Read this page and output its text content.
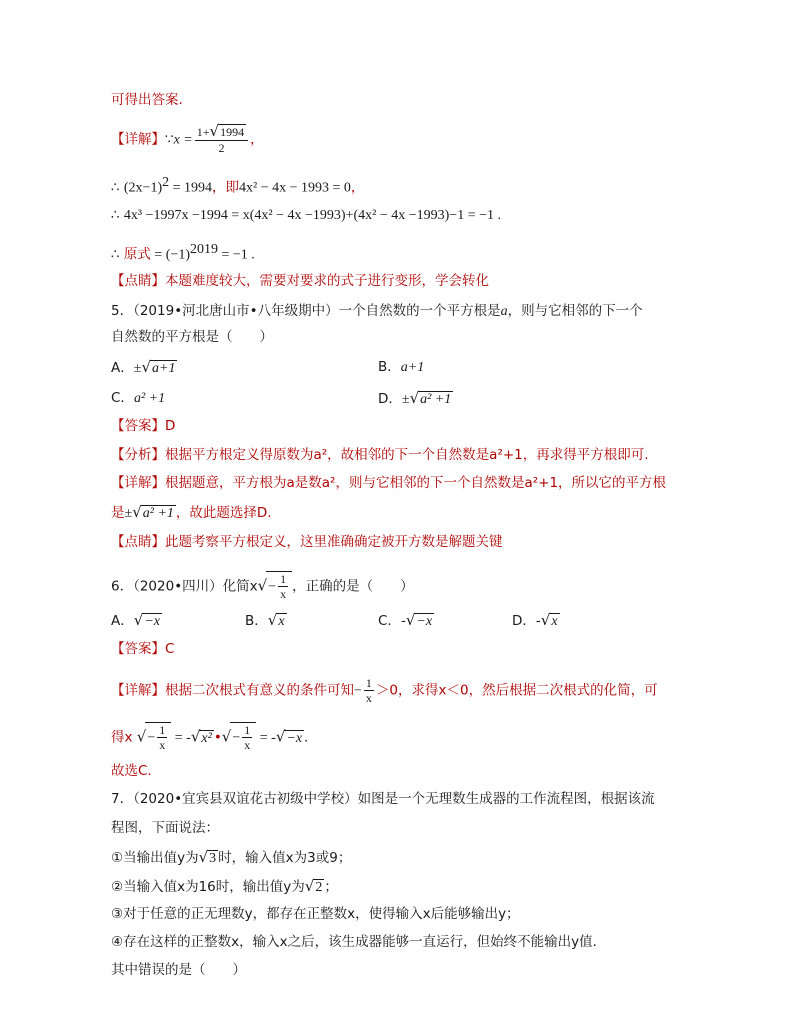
可得出答案.
【详解】∵x = $\frac{1+√1994}{2}$ ，
∴ $(2x-1)^2 = 1994$，即4x² − 4x − 1993 = 0，
∴ 4x³ −1997x −1994 = x(4x² − 4x −1993)+(4x² − 4x −1993)−1 = −1 .
∴ 原式 = $(-1)^{2019} = -1$ .
【点睛】本题难度较大，需要对要求的式子进行变形，学会转化
5．（2019•河北唐山市•八年级期中）一个自然数的一个平方根是a，则与它相邻的下一个
自然数的平方根是（　　）
A．±√a+1	B．a+1
C．a² +1	D．±√a² +1
【答案】D
【分析】根据平方根定义得原数为a²，故相邻的下一个自然数是a²+1，再求得平方根即可.
【详解】根据题意，平方根为a是数a²，则与它相邻的下一个自然数是a²+1，所以它的平方根
是±√a² +1 ，故此题选择D.
【点睛】此题考察平方根定义，这里准确确定被开方数是解题关键
6．（2020•四川）化简$x√- \frac{1}{x}$ ，正确的是（　　）
A．√−x	B．√x	C．-√−x	D．-√x
【答案】C
【详解】根据二次根式有意义的条件可知− $\frac{1}{x} >0$，求得x＜0，然后根据二次根式的化简，可
得x √− $\frac{1}{x} = -√x^2$ •√− $\frac{1}{x} = -√-x$ .
故选C.
7．（2020•宜宾县双谊花古初级中学校）如图是一个无理数生成器的工作流程图，根据该流
程图，下面说法：
①当输出值y为√3 时，输入值x为3或9；
②当输入值x为16时，输出值y为√2 ；
③对于任意的正无理数y，都存在正整数x，使得输入x后能够输出y；
④存在这样的正整数x，输入x之后，该生成器能够一直运行，但始终不能输出y值．
其中错误的是（　　）
